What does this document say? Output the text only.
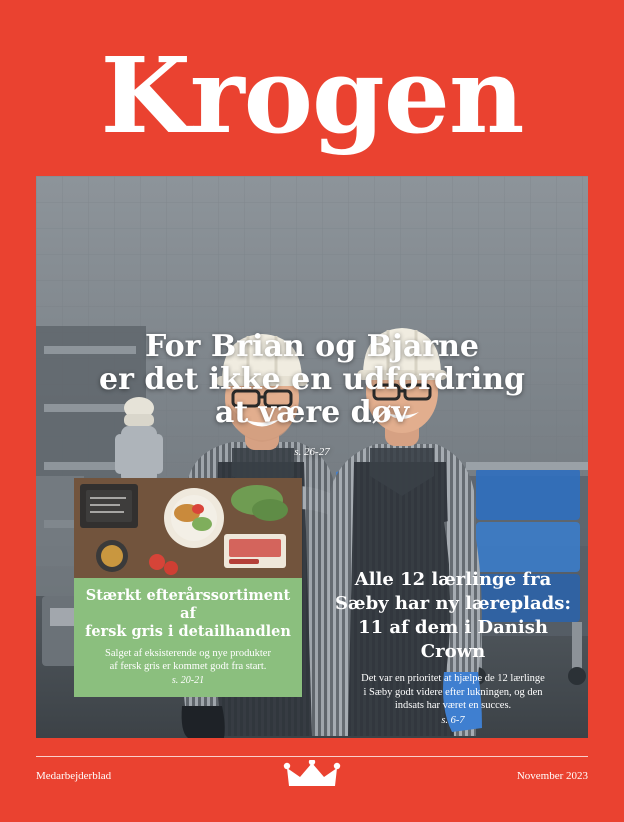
Krogen
For Brian og Bjarne
er det ikke en udfordring
at være døv
s. 26-27
Stærkt efterårssortiment af
fersk gris i detailhandlen

Salget af eksisterende og nye produkter
af fersk gris er kommet godt fra start.
s. 20-21

Alle 12 lærlinge fra
Sæby har ny læreplads:
11 af dem i Danish
Crown

Det var en prioritet at hjælpe de 12 lærlinge
i Sæby godt videre efter lukningen, og den
indsats har været en succes.
s. 6-7

Medarbejderblad	November 2023
